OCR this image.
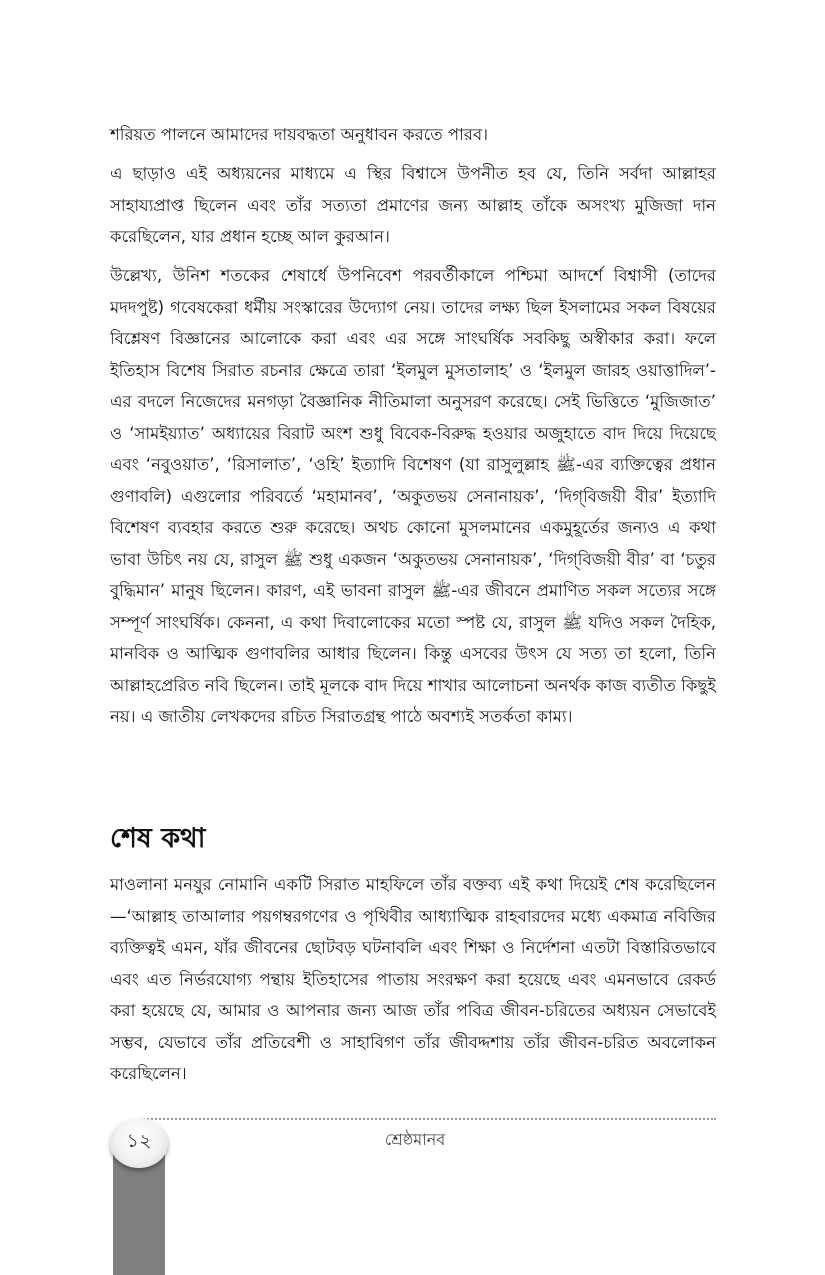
শরিয়ত পালনে আমাদের দায়বদ্ধতা অনুধাবন করতে পারব।

এ ছাড়াও এই অধ্যয়নের মাধ্যমে এ স্থির বিশ্বাসে উপনীত হব যে, তিনি সর্বদা আল্লাহর সাহায্যপ্রাপ্ত ছিলেন এবং তাঁর সত্যতা প্রমাণের জন্য আল্লাহ তাঁকে অসংখ্য মুজিজা দান করেছিলেন, যার প্রধান হচ্ছে আল কুরআন।

উল্লেখ্য, উনিশ শতকের শেষার্ধে উপনিবেশ পরবর্তীকালে পশ্চিমা আদর্শে বিশ্বাসী (তাদের মদদপুষ্ট) গবেষকেরা ধর্মীয় সংস্কারের উদ্যোগ নেয়। তাদের লক্ষ্য ছিল ইসলামের সকল বিষয়ের বিশ্লেষণ বিজ্ঞানের আলোকে করা এবং এর সঙ্গে সাংঘর্ষিক সবকিছু অস্বীকার করা। ফলে ইতিহাস বিশেষ সিরাত রচনার ক্ষেত্রে তারা ‘ইলমুল মুসতালাহ’ ও ‘ইলমুল জারহ ওয়াত্তাদিল’-এর বদলে নিজেদের মনগড়া বৈজ্ঞানিক নীতিমালা অনুসরণ করেছে। সেই ভিত্তিতে ‘মুজিজাত’ ও ‘সামইয়্যাত’ অধ্যায়ের বিরাট অংশ শুধু বিবেক-বিরুদ্ধ হওয়ার অজুহাতে বাদ দিয়ে দিয়েছে এবং ‘নবুওয়াত’, ‘রিসালাত’, ‘ওহি’ ইত্যাদি বিশেষণ (যা রাসুলুল্লাহ ﷺ-এর ব্যক্তিত্বের প্রধান গুণাবলি) এগুলোর পরিবর্তে ‘মহামানব’, ‘অকুতভয় সেনানায়ক’, ‘দিগ্‌বিজয়ী বীর’ ইত্যাদি বিশেষণ ব্যবহার করতে শুরু করেছে। অথচ কোনো মুসলমানের একমুহূর্তের জন্যও এ কথা ভাবা উচিৎ নয় যে, রাসুল ﷺ শুধু একজন ‘অকুতভয় সেনানায়ক’, ‘দিগ্‌বিজয়ী বীর’ বা ‘চতুর বুদ্ধিমান’ মানুষ ছিলেন। কারণ, এই ভাবনা রাসুল ﷺ-এর জীবনে প্রমাণিত সকল সত্যের সঙ্গে সম্পূর্ণ সাংঘর্ষিক। কেননা, এ কথা দিবালোকের মতো স্পষ্ট যে, রাসুল ﷺ যদিও সকল দৈহিক, মানবিক ও আত্মিক গুণাবলির আধার ছিলেন। কিন্তু এসবের উৎস যে সত্য তা হলো, তিনি আল্লাহপ্রেরিত নবি ছিলেন। তাই মূলকে বাদ দিয়ে শাখার আলোচনা অনর্থক কাজ ব্যতীত কিছুই নয়। এ জাতীয় লেখকদের রচিত সিরাতগ্রন্থ পাঠে অবশ্যই সতর্কতা কাম্য।

শেষ কথা

মাওলানা মনযুর নোমানি একটি সিরাত মাহফিলে তাঁর বক্তব্য এই কথা দিয়েই শেষ করেছিলেন—‘আল্লাহ তাআলার পয়গম্বরগণের ও পৃথিবীর আধ্যাত্মিক রাহবারদের মধ্যে একমাত্র নবিজির ব্যক্তিত্বই এমন, যাঁর জীবনের ছোটবড় ঘটনাবলি এবং শিক্ষা ও নির্দেশনা এতটা বিস্তারিতভাবে এবং এত নির্ভরযোগ্য পন্থায় ইতিহাসের পাতায় সংরক্ষণ করা হয়েছে এবং এমনভাবে রেকর্ড করা হয়েছে যে, আমার ও আপনার জন্য আজ তাঁর পবিত্র জীবন-চরিতের অধ্যয়ন সেভাবেই সম্ভব, যেভাবে তাঁর প্রতিবেশী ও সাহাবিগণ তাঁর জীবদ্দশায় তাঁর জীবন-চরিত অবলোকন করেছিলেন।

১২	শ্রেষ্ঠমানব
